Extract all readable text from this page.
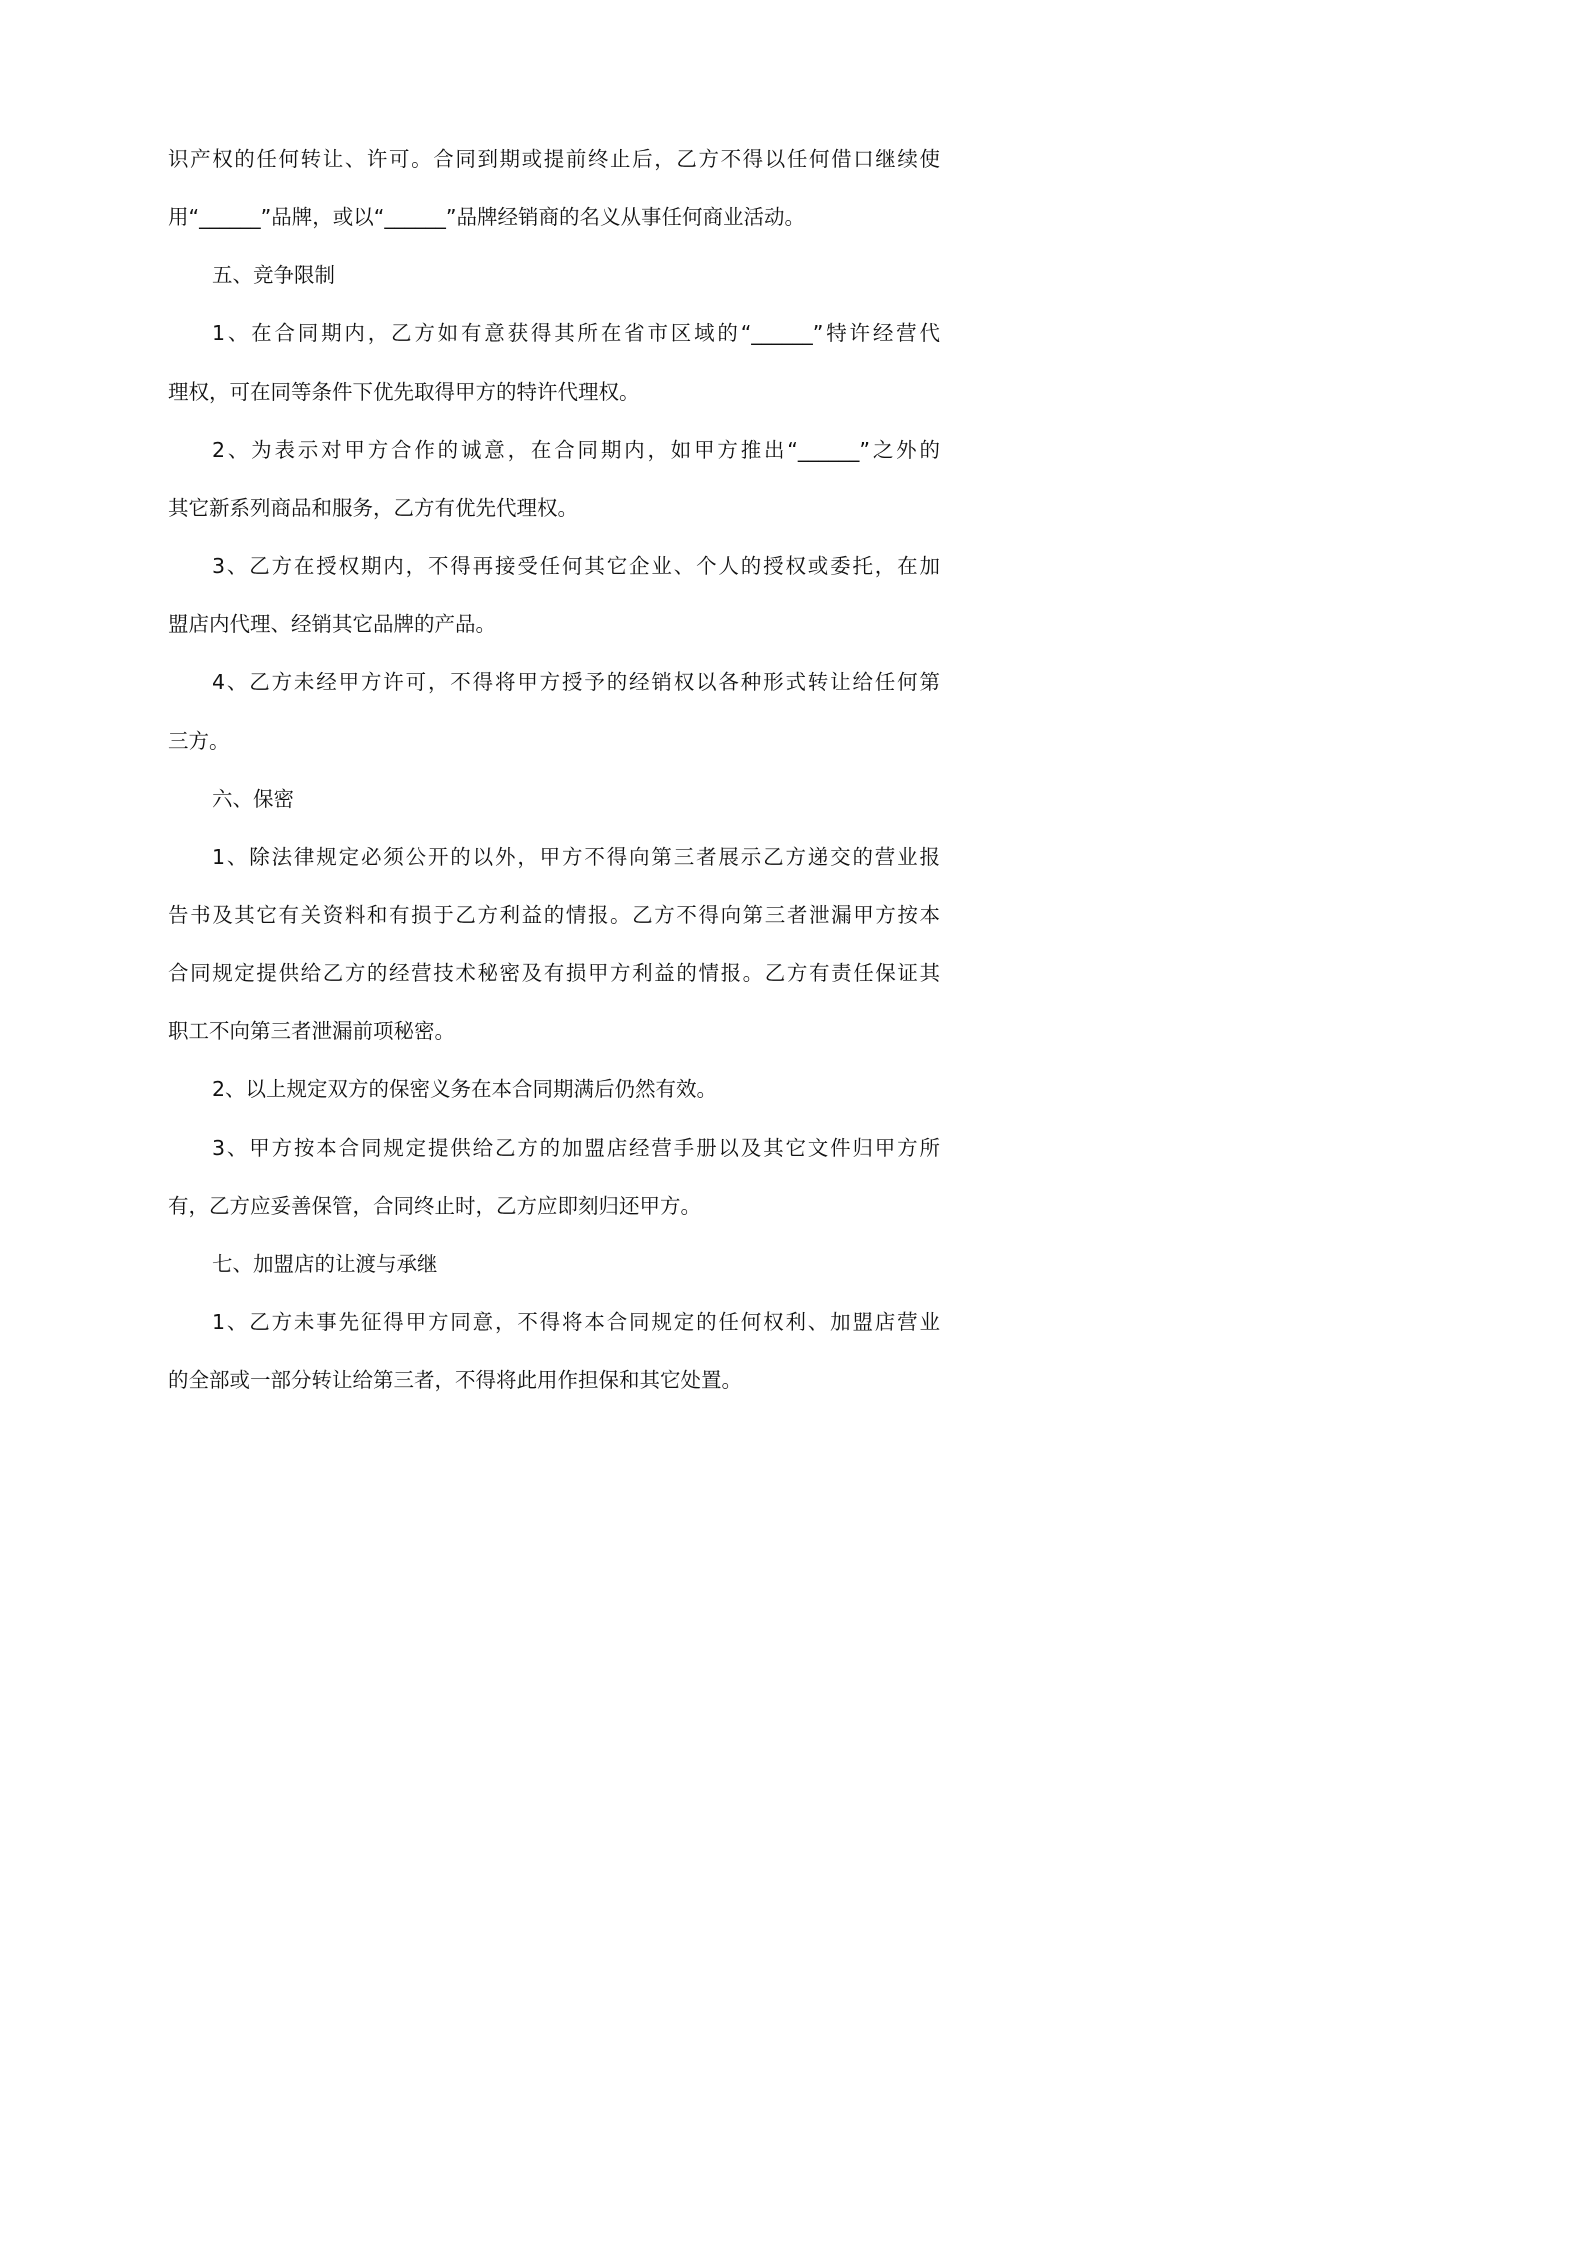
识产权的任何转让、许可。合同到期或提前终止后，乙方不得以任何借口继续使
用“______”品牌，或以“______”品牌经销商的名义从事任何商业活动。
五、竞争限制
1、在合同期内，乙方如有意获得其所在省市区域的“______”特许经营代
理权，可在同等条件下优先取得甲方的特许代理权。
2、为表示对甲方合作的诚意，在合同期内，如甲方推出“______”之外的
其它新系列商品和服务，乙方有优先代理权。
3、乙方在授权期内，不得再接受任何其它企业、个人的授权或委托，在加
盟店内代理、经销其它品牌的产品。
4、乙方未经甲方许可，不得将甲方授予的经销权以各种形式转让给任何第
三方。
六、保密
1、除法律规定必须公开的以外，甲方不得向第三者展示乙方递交的营业报
告书及其它有关资料和有损于乙方利益的情报。乙方不得向第三者泄漏甲方按本
合同规定提供给乙方的经营技术秘密及有损甲方利益的情报。乙方有责任保证其
职工不向第三者泄漏前项秘密。
2、以上规定双方的保密义务在本合同期满后仍然有效。
3、甲方按本合同规定提供给乙方的加盟店经营手册以及其它文件归甲方所
有，乙方应妥善保管，合同终止时，乙方应即刻归还甲方。
七、加盟店的让渡与承继
1、乙方未事先征得甲方同意，不得将本合同规定的任何权利、加盟店营业
的全部或一部分转让给第三者，不得将此用作担保和其它处置。
